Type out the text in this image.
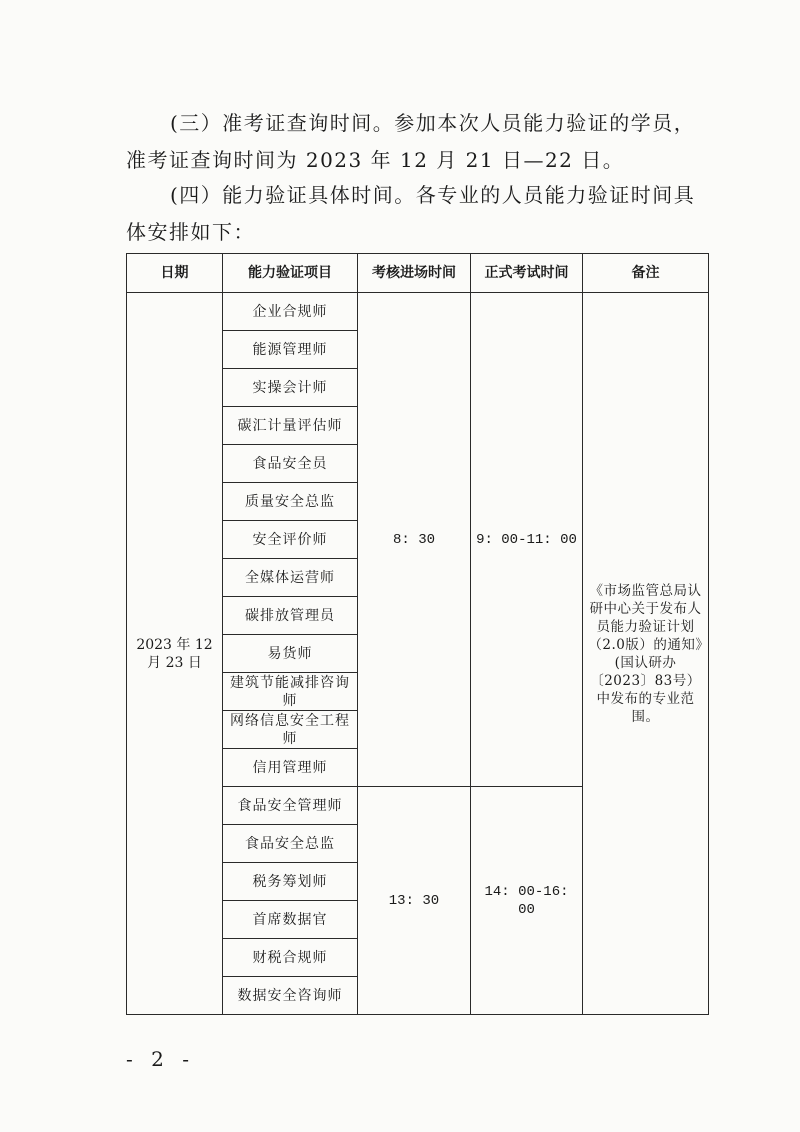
(三）准考证查询时间。参加本次人员能力验证的学员，
准考证查询时间为 2023 年 12 月 21 日—22 日。
(四）能力验证具体时间。各专业的人员能力验证时间具
体安排如下：
日期	能力验证项目	考核进场时间	正式考试时间	备注

2023 年 12
月 23 日	企业合规师	8: 30	9: 00-11: 00	《市场监管总局认研中心关于发布人员能力验证计划（2.0版）的通知》(国认研办〔2023〕83号）中发布的专业范围。
	能源管理师			
	实操会计师			
	碳汇计量评估师			
	食品安全员			
	质量安全总监			
	安全评价师			
	全媒体运营师			
	碳排放管理员			
	易货师			
	建筑节能减排咨询师			
	网络信息安全工程师			
	信用管理师			
	食品安全管理师	13: 30	14: 00-16: 00	
	食品安全总监			
	税务筹划师			
	首席数据官			
	财税合规师			
	数据安全咨询师			
- 2 -
